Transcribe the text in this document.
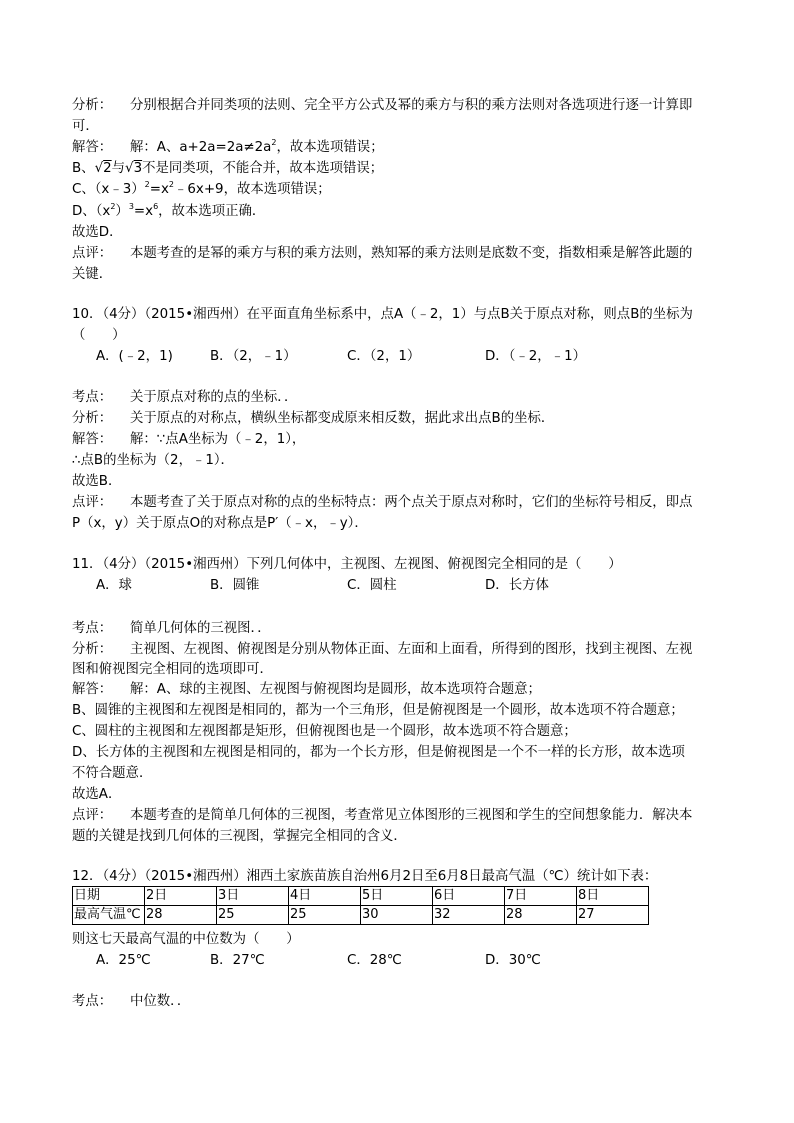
分析： 分别根据合并同类项的法则、完全平方公式及幂的乘方与积的乘方法则对各选项进行逐一计算即
可．
解答： 解：A、$a+2a=2a\ne 2a^2$，故本选项错误；
B、√2与√3不是同类项，不能合并，故本选项错误；
C、$(x﹣3)^2=x^2﹣6x+9$，故本选项错误；
D、$(x^2)^3=x^6$，故本选项正确．
故选D．
点评： 本题考查的是幂的乘方与积的乘方法则，熟知幂的乘方法则是底数不变，指数相乘是解答此题的
关键．
10．（4分）（2015•湘西州）在平面直角坐标系中，点A（﹣2，1）与点B关于原点对称，则点B的坐标为
（　　）
A．(﹣2，1)	B．（2，﹣1）	C．（2，1）	D．（﹣2，﹣1）
考点： 关于原点对称的点的坐标．．
分析： 关于原点的对称点，横纵坐标都变成原来相反数，据此求出点B的坐标．
解答： 解：∵点A坐标为（﹣2，1），
∴点B的坐标为（2，﹣1）．
故选B．
点评： 本题考查了关于原点对称的点的坐标特点：两个点关于原点对称时，它们的坐标符号相反，即点
P（x，y）关于原点O的对称点是P′（﹣x，﹣y）．
11．（4分）（2015•湘西州）下列几何体中，主视图、左视图、俯视图完全相同的是（　　）
A．球	B．圆锥	C．圆柱	D．长方体
考点： 简单几何体的三视图．．
分析： 主视图、左视图、俯视图是分别从物体正面、左面和上面看，所得到的图形，找到主视图、左视
图和俯视图完全相同的选项即可．
解答： 解：A、球的主视图、左视图与俯视图均是圆形，故本选项符合题意；
B、圆锥的主视图和左视图是相同的，都为一个三角形，但是俯视图是一个圆形，故本选项不符合题意；
C、圆柱的主视图和左视图都是矩形，但俯视图也是一个圆形，故本选项不符合题意；
D、长方体的主视图和左视图是相同的，都为一个长方形，但是俯视图是一个不一样的长方形，故本选项
不符合题意．
故选A．
点评： 本题考查的是简单几何体的三视图，考查常见立体图形的三视图和学生的空间想象能力．解决本
题的关键是找到几何体的三视图，掌握完全相同的含义．
12．（4分）（2015•湘西州）湘西土家族苗族自治州6月2日至6月8日最高气温（℃）统计如下表：
日期	2日	3日	4日	5日	6日	7日	8日
最高气温℃	28	25	25	30	32	28	27
则这七天最高气温的中位数为（　　）
A．25℃	B．27℃	C．28℃	D．30℃
考点： 中位数．．
